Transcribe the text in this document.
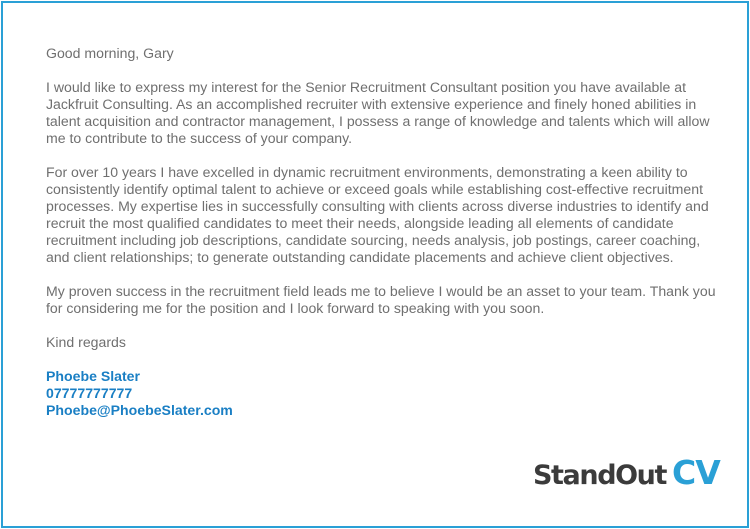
Good morning, Gary

I would like to express my interest for the Senior Recruitment Consultant position you have available at Jackfruit Consulting. As an accomplished recruiter with extensive experience and finely honed abilities in talent acquisition and contractor management, I possess a range of knowledge and talents which will allow me to contribute to the success of your company.

For over 10 years I have excelled in dynamic recruitment environments, demonstrating a keen ability to consistently identify optimal talent to achieve or exceed goals while establishing cost-effective recruitment processes. My expertise lies in successfully consulting with clients across diverse industries to identify and recruit the most qualified candidates to meet their needs, alongside leading all elements of candidate recruitment including job descriptions, candidate sourcing, needs analysis, job postings, career coaching, and client relationships; to generate outstanding candidate placements and achieve client objectives.

My proven success in the recruitment field leads me to believe I would be an asset to your team. Thank you for considering me for the position and I look forward to speaking with you soon.

Kind regards

Phoebe Slater
07777777777
Phoebe@PhoebeSlater.com
StandOut CV
